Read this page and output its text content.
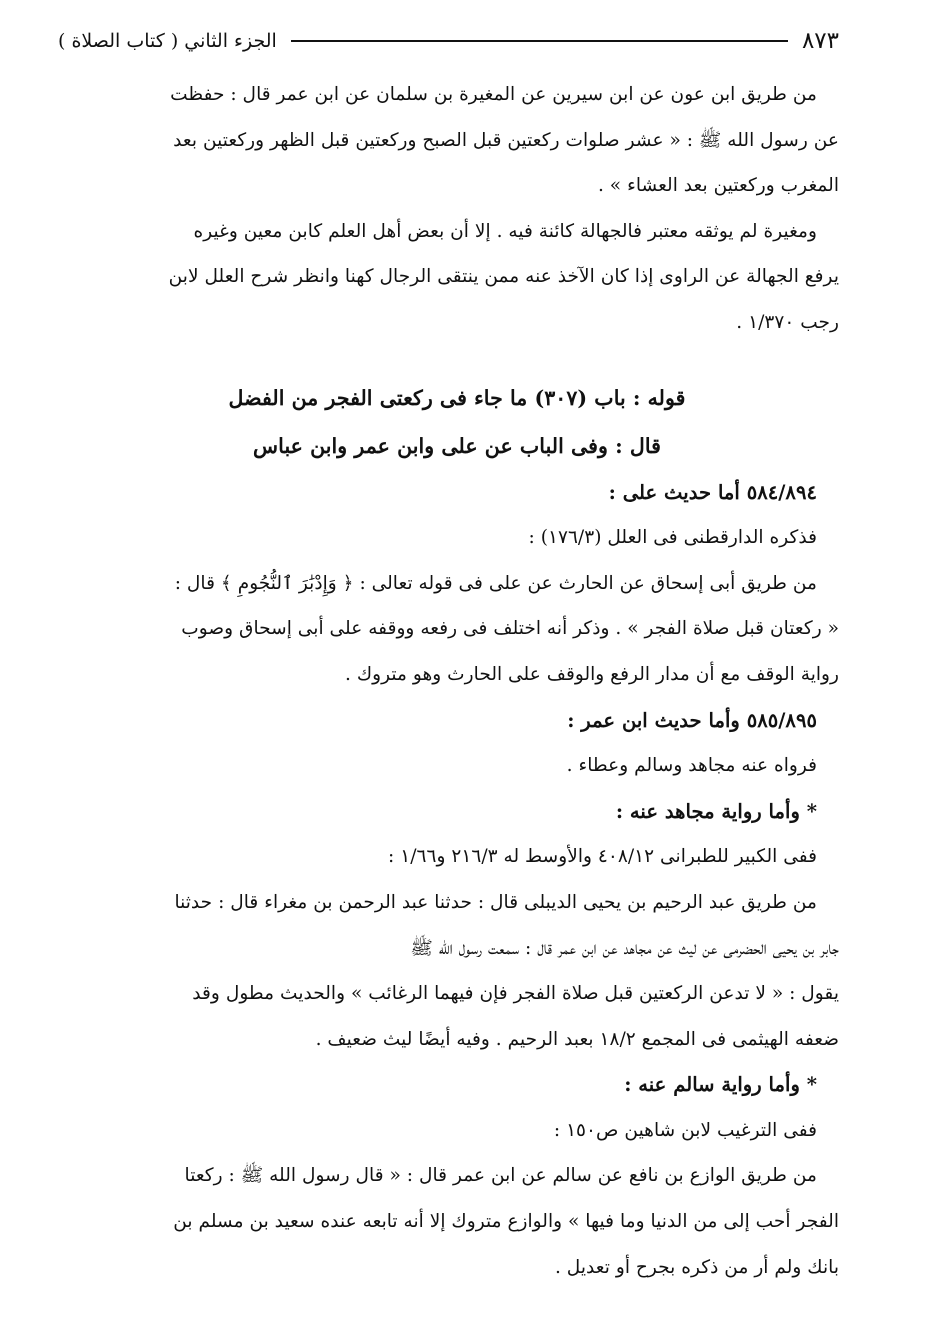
الجزء الثاني ( كتاب الصلاة )	٨٧٣

من طريق ابن عون عن ابن سيرين عن المغيرة بن سلمان عن ابن عمر قال : حفظت

عن رسول الله ﷺ : « عشر صلوات ركعتين قبل الصبح وركعتين قبل الظهر وركعتين بعد

المغرب وركعتين بعد العشاء » .

ومغيرة لم يوثقه معتبر فالجهالة كائنة فيه . إلا أن بعض أهل العلم كابن معين وغيره

يرفع الجهالة عن الراوى إذا كان الآخذ عنه ممن ينتقى الرجال كهنا وانظر شرح العلل لابن

رجب ١/٣٧٠ .

قوله : باب (٣٠٧) ما جاء فى ركعتى الفجر من الفضل

قال : وفى الباب عن على وابن عمر وابن عباس

٥٨٤/٨٩٤ أما حديث على :

فذكره الدارقطنى فى العلل (١٧٦/٣) :

من طريق أبى إسحاق عن الحارث عن على فى قوله تعالى : ﴿ وَإِدْبَٰرَ ٱلنُّجُومِ ﴾ قال :

« ركعتان قبل صلاة الفجر » . وذكر أنه اختلف فى رفعه ووقفه على أبى إسحاق وصوب

رواية الوقف مع أن مدار الرفع والوقف على الحارث وهو متروك .

٥٨٥/٨٩٥ وأما حديث ابن عمر :

فرواه عنه مجاهد وسالم وعطاء .

* وأما رواية مجاهد عنه :

ففى الكبير للطبرانى ٤٠٨/١٢ والأوسط له ٢١٦/٣ و١/٦٦ :

من طريق عبد الرحيم بن يحيى الديبلى قال : حدثنا عبد الرحمن بن مغراء قال : حدثنا

جابر بن يحيى الحضرمى عن ليث عن مجاهد عن ابن عمر قال : سمعت رسول الله ﷺ

يقول : « لا تدعن الركعتين قبل صلاة الفجر فإن فيهما الرغائب » والحديث مطول وقد

ضعفه الهيثمى فى المجمع ١٨/٢ بعبد الرحيم . وفيه أيضًا ليث ضعيف .

* وأما رواية سالم عنه :

ففى الترغيب لابن شاهين ص١٥٠ :

من طريق الوازع بن نافع عن سالم عن ابن عمر قال : « قال رسول الله ﷺ : ركعتا

الفجر أحب إلى من الدنيا وما فيها » والوازع متروك إلا أنه تابعه عنده سعيد بن مسلم بن

بانك ولم أر من ذكره بجرح أو تعديل .
